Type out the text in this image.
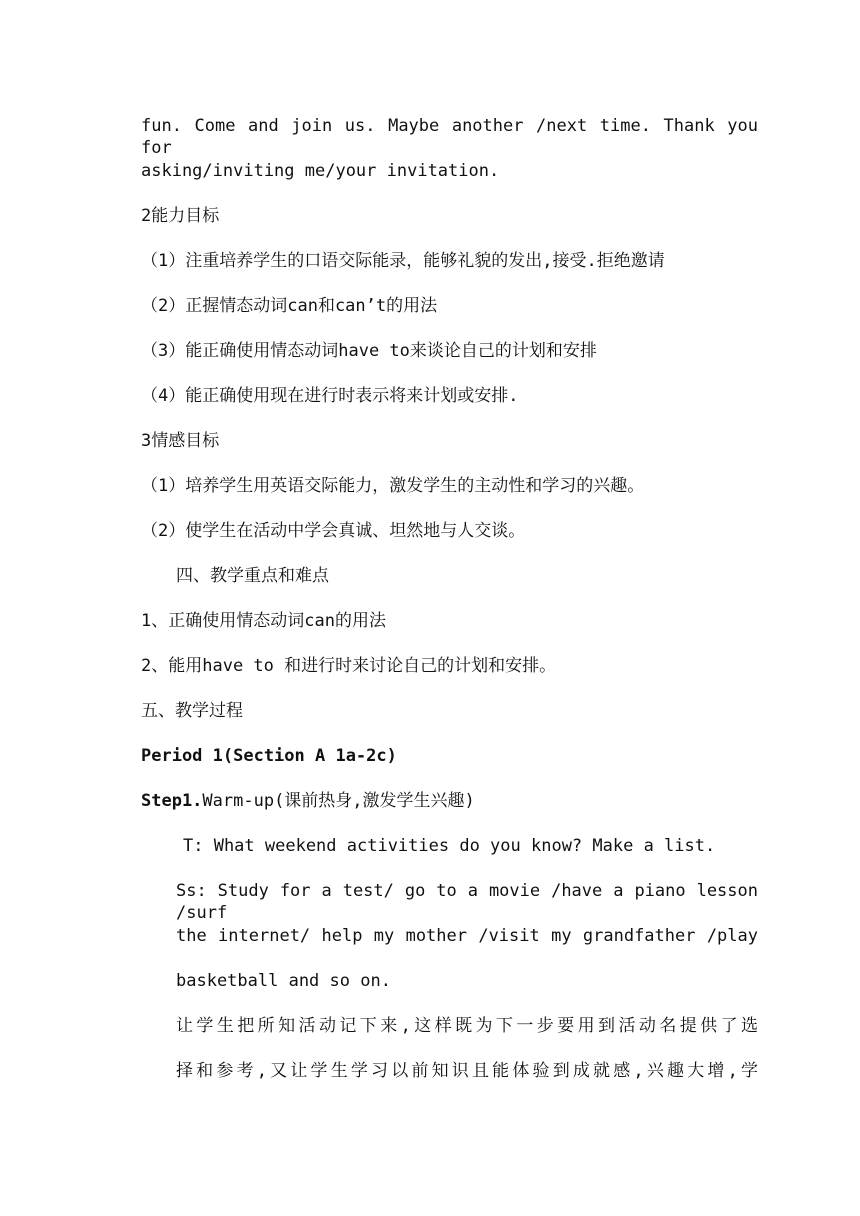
fun. Come and join us. Maybe another /next time. Thank you for
asking/inviting me/your invitation.
2能力目标
（1）注重培养学生的口语交际能录，能够礼貌的发出,接受.拒绝邀请
（2）正握情态动词can和can’t的用法
（3）能正确使用情态动词have to来谈论自己的计划和安排
（4）能正确使用现在进行时表示将来计划或安排.
3情感目标
（1）培养学生用英语交际能力，激发学生的主动性和学习的兴趣。
（2）使学生在活动中学会真诚、坦然地与人交谈。
四、教学重点和难点
1、正确使用情态动词can的用法
2、能用have to 和进行时来讨论自己的计划和安排。
五、教学过程
Period 1(Section A 1a-2c)
Step1.Warm-up(课前热身,激发学生兴趣)
T: What weekend activities do you know? Make a list.
Ss: Study for a test/ go to a movie /have a piano lesson /surf
the internet/ help my mother /visit my grandfather /play
basketball and so on.
让学生把所知活动记下来,这样既为下一步要用到活动名提供了选
择和参考,又让学生学习以前知识且能体验到成就感,兴趣大增,学
